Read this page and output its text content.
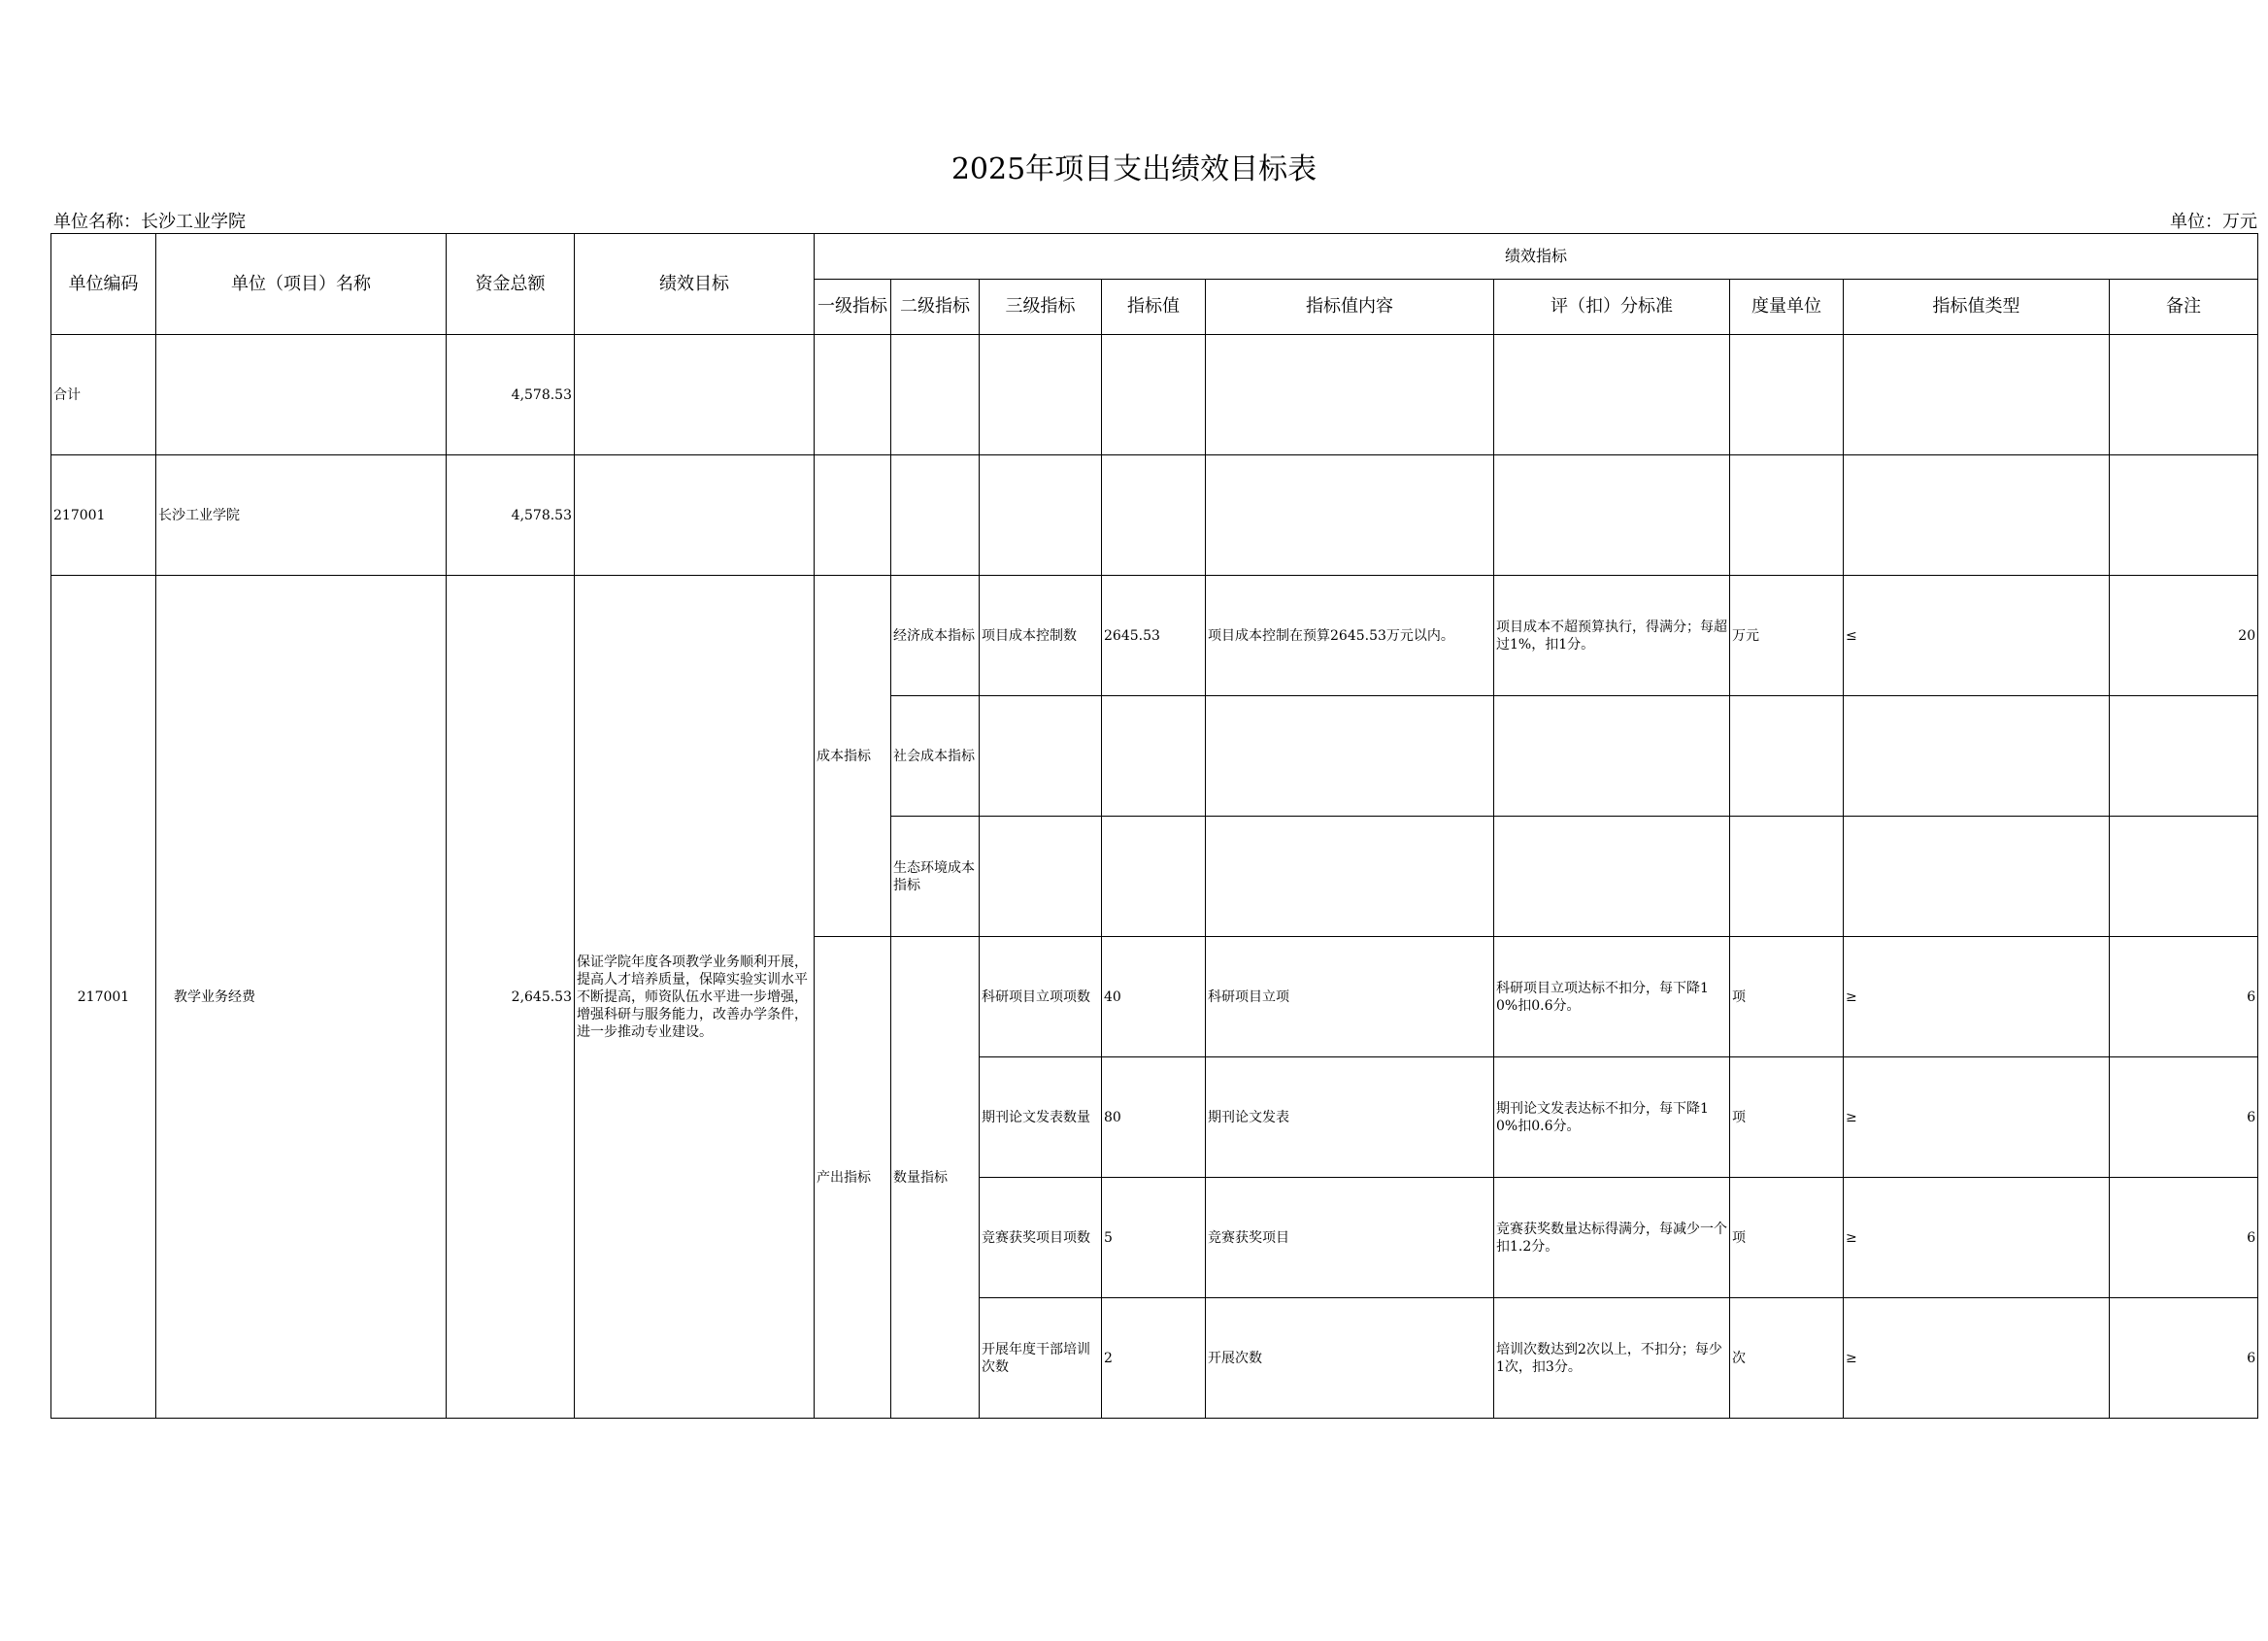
2025年项目支出绩效目标表
单位名称：长沙工业学院	单位：万元
单位编码	单位（项目）名称	资金总额	绩效目标	绩效指标								
				一级指标	二级指标	三级指标	指标值	指标值内容	评（扣）分标准	度量单位	指标值类型	备注
合计		4,578.53										
217001	长沙工业学院	4,578.53										
217001	教学业务经费	2,645.53	保证学院年度各项教学业务顺利开展，提高人才培养质量，保障实验实训水平不断提高，师资队伍水平进一步增强，增强科研与服务能力，改善办学条件，进一步推动专业建设。	成本指标	经济成本指标	项目成本控制数	2645.53	项目成本控制在预算2645.53万元以内。	项目成本不超预算执行，得满分；每超过1%，扣1分。	万元	≤	20
					社会成本指标							
					生态环境成本指标							
				产出指标	数量指标	科研项目立项项数	40	科研项目立项	科研项目立项达标不扣分，每下降10%扣0.6分。	项	≥	6
						期刊论文发表数量	80	期刊论文发表	期刊论文发表达标不扣分，每下降10%扣0.6分。	项	≥	6
						竞赛获奖项目项数	5	竞赛获奖项目	竞赛获奖数量达标得满分，每减少一个扣1.2分。	项	≥	6
						开展年度干部培训次数	2	开展次数	培训次数达到2次以上，不扣分；每少1次，扣3分。	次	≥	6
